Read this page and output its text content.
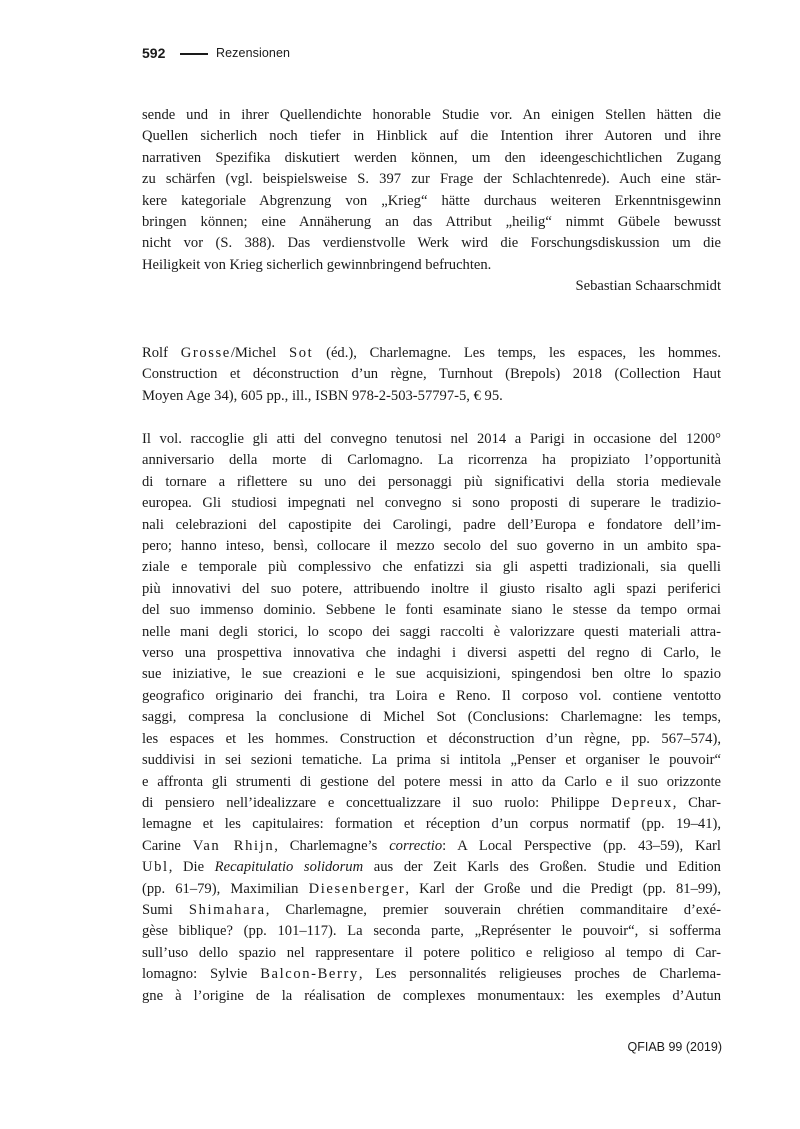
592	Rezensionen
sende und in ihrer Quellendichte honorable Studie vor. An einigen Stellen hätten die
Quellen sicherlich noch tiefer in Hinblick auf die Intention ihrer Autoren und ihre
narrativen Spezifika diskutiert werden können, um den ideengeschichtlichen Zugang
zu schärfen (vgl. beispielsweise S. 397 zur Frage der Schlachtenrede). Auch eine stär-
kere kategoriale Abgrenzung von „Krieg“ hätte durchaus weiteren Erkenntnisgewinn
bringen können; eine Annäherung an das Attribut „heilig“ nimmt Gübele bewusst
nicht vor (S. 388). Das verdienstvolle Werk wird die Forschungsdiskussion um die
Heiligkeit von Krieg sicherlich gewinnbringend befruchten.
Sebastian Schaarschmidt
Rolf Grosse/Michel Sot (éd.), Charlemagne. Les temps, les espaces, les hommes.
Construction et déconstruction d’un règne, Turnhout (Brepols) 2018 (Collection Haut
Moyen Age 34), 605 pp., ill., ISBN 978-2-503-57797-5, € 95.
Il vol. raccoglie gli atti del convegno tenutosi nel 2014 a Parigi in occasione del 1200°
anniversario della morte di Carlomagno. La ricorrenza ha propiziato l’opportunità
di tornare a riflettere su uno dei personaggi più significativi della storia medievale
europea. Gli studiosi impegnati nel convegno si sono proposti di superare le tradizio-
nali celebrazioni del capostipite dei Carolingi, padre dell’Europa e fondatore dell’im-
pero; hanno inteso, bensì, collocare il mezzo secolo del suo governo in un ambito spa-
ziale e temporale più complessivo che enfatizzi sia gli aspetti tradizionali, sia quelli
più innovativi del suo potere, attribuendo inoltre il giusto risalto agli spazi periferici
del suo immenso dominio. Sebbene le fonti esaminate siano le stesse da tempo ormai
nelle mani degli storici, lo scopo dei saggi raccolti è valorizzare questi materiali attra-
verso una prospettiva innovativa che indaghi i diversi aspetti del regno di Carlo, le
sue iniziative, le sue creazioni e le sue acquisizioni, spingendosi ben oltre lo spazio
geografico originario dei franchi, tra Loira e Reno. Il corposo vol. contiene ventotto
saggi, compresa la conclusione di Michel Sot (Conclusions: Charlemagne: les temps,
les espaces et les hommes. Construction et déconstruction d’un règne, pp. 567–574),
suddivisi in sei sezioni tematiche. La prima si intitola „Penser et organiser le pouvoir“
e affronta gli strumenti di gestione del potere messi in atto da Carlo e il suo orizzonte
di pensiero nell’idealizzare e concettualizzare il suo ruolo: Philippe Depreux, Char-
lemagne et les capitulaires: formation et réception d’un corpus normatif (pp. 19–41),
Carine Van Rhijn, Charlemagne’s correctio: A Local Perspective (pp. 43–59), Karl
Ubl, Die Recapitulatio solidorum aus der Zeit Karls des Großen. Studie und Edition
(pp. 61–79), Maximilian Diesenberger, Karl der Große und die Predigt (pp. 81–99),
Sumi Shimahara, Charlemagne, premier souverain chrétien commanditaire d’exé-
gèse biblique? (pp. 101–117). La seconda parte, „Représenter le pouvoir“, si sofferma
sull’uso dello spazio nel rappresentare il potere politico e religioso al tempo di Car-
lomagno: Sylvie Balcon-Berry, Les personnalités religieuses proches de Charlema-
gne à l’origine de la réalisation de complexes monumentaux: les exemples d’Autun
QFIAB 99 (2019)
